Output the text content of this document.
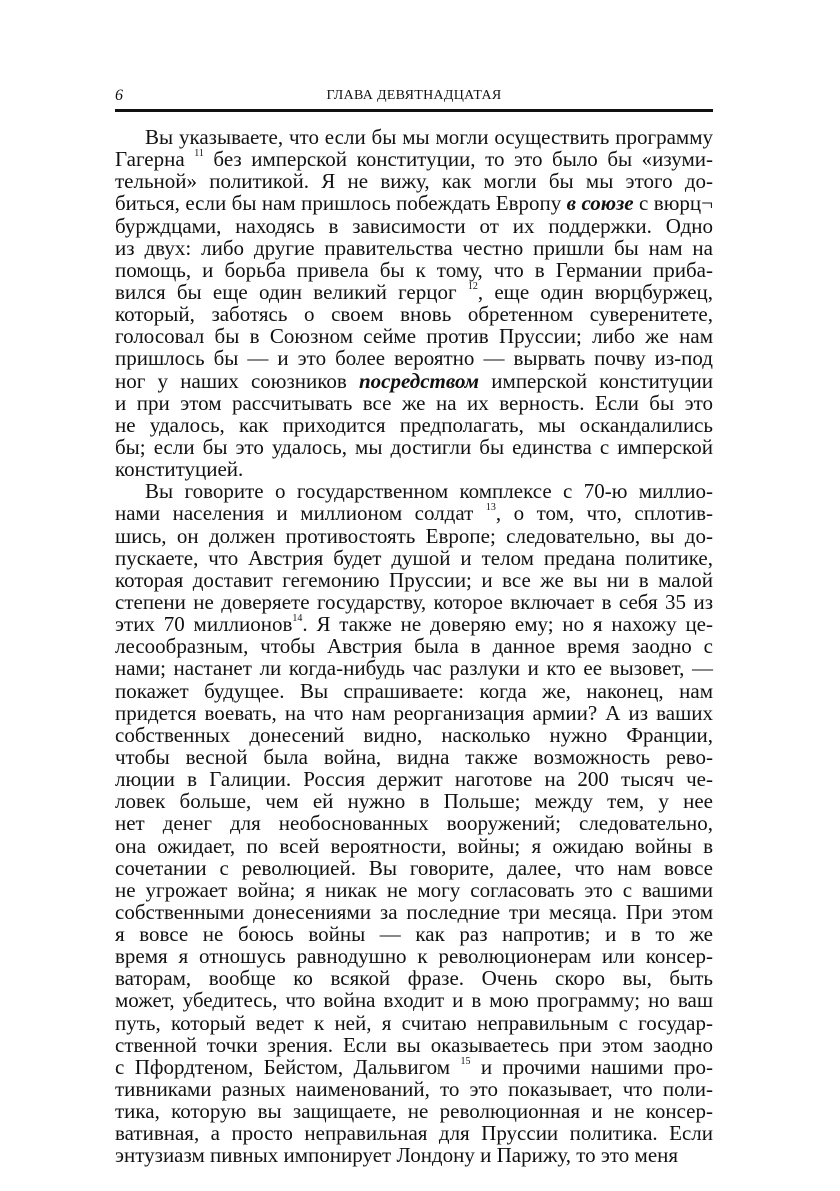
6	ГЛАВА ДЕВЯТНАДЦАТАЯ
Вы указываете, что если бы мы могли осуществить программу
Гагерна $^{11}$ без имперской конституции, то это было бы «изуми-
тельной» политикой. Я не вижу, как могли бы мы этого до-
биться, если бы нам пришлось побеждать Европу в союзе с вюрц¬
бурждцами, находясь в зависимости от их поддержки. Одно
из двух: либо другие правительства честно пришли бы нам на
помощь, и борьба привела бы к тому, что в Германии приба-
вился бы еще один великий герцог $^{12}$, еще один вюрцбуржец,
который, заботясь о своем вновь обретенном суверенитете,
голосовал бы в Союзном сейме против Пруссии; либо же нам
пришлось бы — и это более вероятно — вырвать почву из-под
ног у наших союзников посредством имперской конституции
и при этом рассчитывать все же на их верность. Если бы это
не удалось, как приходится предполагать, мы оскандалились
бы; если бы это удалось, мы достигли бы единства с имперской
конституцией.
Вы говорите о государственном комплексе с 70-ю миллио-
нами населения и миллионом солдат $^{13}$, о том, что, сплотив-
шись, он должен противостоять Европе; следовательно, вы до-
пускаете, что Австрия будет душой и телом предана политике,
которая доставит гегемонию Пруссии; и все же вы ни в малой
степени не доверяете государству, которое включает в себя 35 из
этих 70 миллионов$^{14}$. Я также не доверяю ему; но я нахожу це-
лесообразным, чтобы Австрия была в данное время заодно с
нами; настанет ли когда-нибудь час разлуки и кто ее вызовет, —
покажет будущее. Вы спрашиваете: когда же, наконец, нам
придется воевать, на что нам реорганизация армии? А из ваших
собственных донесений видно, насколько нужно Франции,
чтобы весной была война, видна также возможность рево-
люции в Галиции. Россия держит наготове на 200 тысяч че-
ловек больше, чем ей нужно в Польше; между тем, у нее
нет денег для необоснованных вооружений; следовательно,
она ожидает, по всей вероятности, войны; я ожидаю войны в
сочетании с революцией. Вы говорите, далее, что нам вовсе
не угрожает война; я никак не могу согласовать это с вашими
собственными донесениями за последние три месяца. При этом
я вовсе не боюсь войны — как раз напротив; и в то же
время я отношусь равнодушно к революционерам или консер-
ваторам, вообще ко всякой фразе. Очень скоро вы, быть
может, убедитесь, что война входит и в мою программу; но ваш
путь, который ведет к ней, я считаю неправильным с государ-
ственной точки зрения. Если вы оказываетесь при этом заодно
с Пфордтеном, Бейстом, Дальвигом $^{15}$ и прочими нашими про-
тивниками разных наименований, то это показывает, что поли-
тика, которую вы защищаете, не революционная и не консер-
вативная, а просто неправильная для Пруссии политика. Если
энтузиазм пивных импонирует Лондону и Парижу, то это меня
